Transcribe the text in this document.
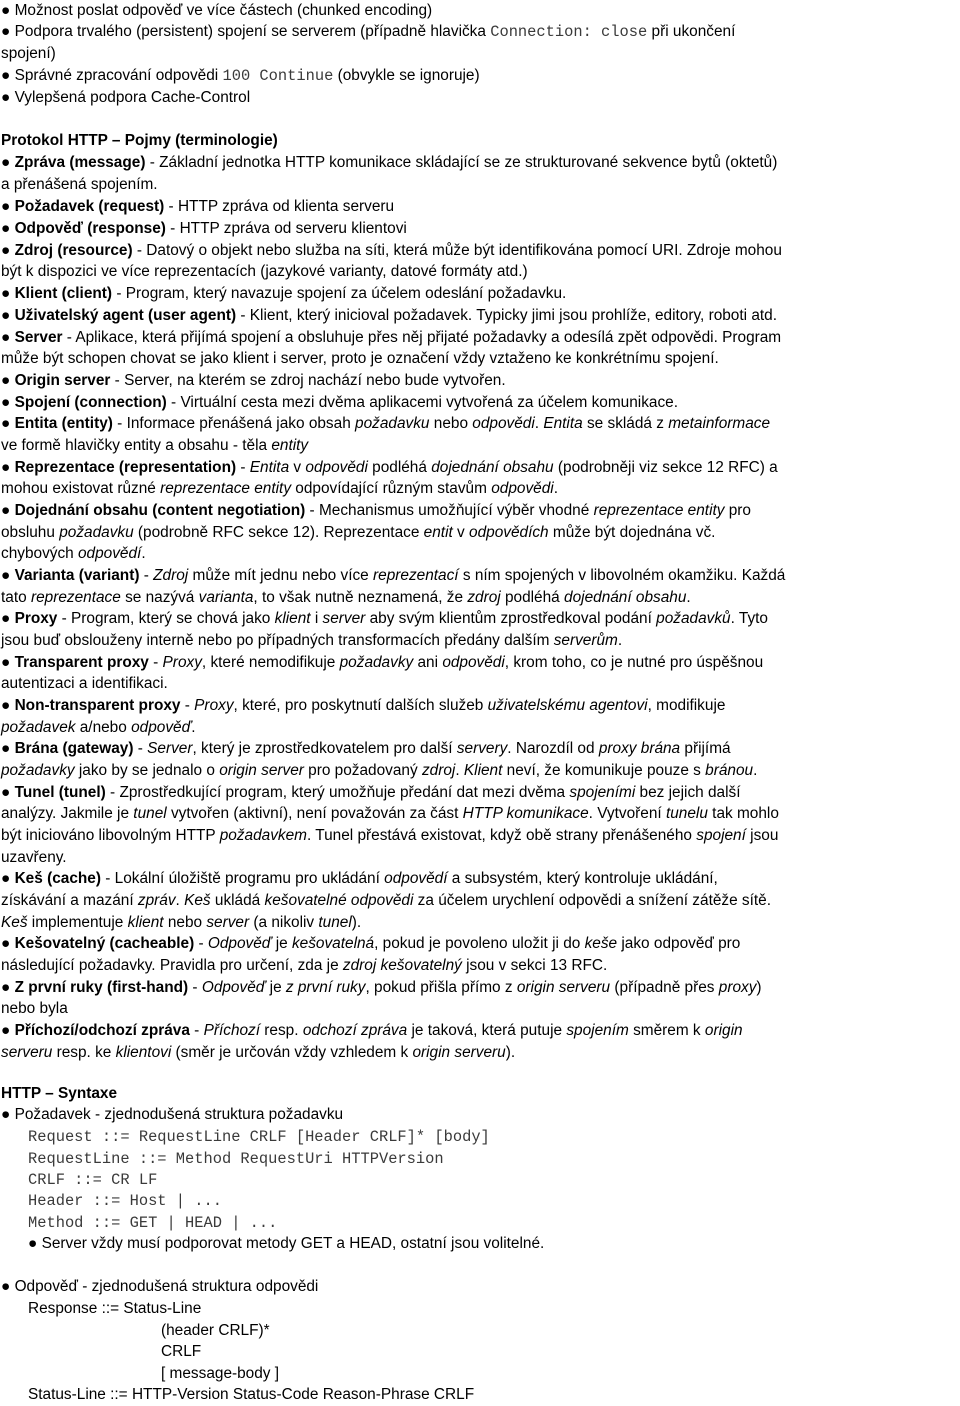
● Možnost poslat odpověď ve více částech (chunked encoding)
● Podpora trvalého (persistent) spojení se serverem (případně hlavička Connection: close při ukončení
spojení)
● Správné zpracování odpovědi 100 Continue (obvykle se ignoruje)
● Vylepšená podpora Cache-Control
Protokol HTTP – Pojmy (terminologie)
● Zpráva (message) - Základní jednotka HTTP komunikace skládající se ze strukturované sekvence bytů (oktetů)
a přenášená spojením.
● Požadavek (request) - HTTP zpráva od klienta serveru
● Odpověď (response) - HTTP zpráva od serveru klientovi
● Zdroj (resource) - Datový o objekt nebo služba na síti, která může být identifikována pomocí URI. Zdroje mohou
být k dispozici ve více reprezentacích (jazykové varianty, datové formáty atd.)
● Klient (client) - Program, který navazuje spojení za účelem odeslání požadavku.
● Uživatelský agent (user agent) - Klient, který inicioval požadavek. Typicky jimi jsou prohlíže, editory, roboti atd.
● Server - Aplikace, která přijímá spojení a obsluhuje přes něj přijaté požadavky a odesílá zpět odpovědi. Program
může být schopen chovat se jako klient i server, proto je označení vždy vztaženo ke konkrétnímu spojení.
● Origin server - Server, na kterém se zdroj nachází nebo bude vytvořen.
● Spojení (connection) - Virtuální cesta mezi dvěma aplikacemi vytvořená za účelem komunikace.
● Entita (entity) - Informace přenášená jako obsah požadavku nebo odpovědi. Entita se skládá z metainformace
ve formě hlavičky entity a obsahu - těla entity
● Reprezentace (representation) - Entita v odpovědi podléhá dojednání obsahu (podrobněji viz sekce 12 RFC) a
mohou existovat různé reprezentace entity odpovídající různým stavům odpovědi.
● Dojednání obsahu (content negotiation) - Mechanismus umožňující výběr vhodné reprezentace entity pro
obsluhu požadavku (podrobně RFC sekce 12). Reprezentace entit v odpovědích může být dojednána vč.
chybových odpovědí.
● Varianta (variant) - Zdroj může mít jednu nebo více reprezentací s ním spojených v libovolném okamžiku. Každá
tato reprezentace se nazývá varianta, to však nutně neznamená, že zdroj podléhá dojednání obsahu.
● Proxy - Program, který se chová jako klient i server aby svým klientům zprostředkoval podání požadavků. Tyto
jsou buď obslouženy interně nebo po případných transformacích předány dalším serverům.
● Transparent proxy - Proxy, které nemodifikuje požadavky ani odpovědi, krom toho, co je nutné pro úspěšnou
autentizaci a identifikaci.
● Non-transparent proxy - Proxy, které, pro poskytnutí dalších služeb uživatelskému agentovi, modifikuje
požadavek a/nebo odpověď.
● Brána (gateway) - Server, který je zprostředkovatelem pro další servery. Narozdíl od proxy brána přijímá
požadavky jako by se jednalo o origin server pro požadovaný zdroj. Klient neví, že komunikuje pouze s bránou.
● Tunel (tunel) - Zprostředkující program, který umožňuje předání dat mezi dvěma spojeními bez jejich další
analýzy. Jakmile je tunel vytvořen (aktivní), není považován za část HTTP komunikace. Vytvoření tunelu tak mohlo
být iniciováno libovolným HTTP požadavkem. Tunel přestává existovat, když obě strany přenášeného spojení jsou
uzavřeny.
● Keš (cache) - Lokální úložiště programu pro ukládání odpovědí a subsystém, který kontroluje ukládání,
získávání a mazání zpráv. Keš ukládá kešovatelné odpovědi za účelem urychlení odpovědi a snížení zátěže sítě.
Keš implementuje klient nebo server (a nikoliv tunel).
● Kešovatelný (cacheable) - Odpověď je kešovatelná, pokud je povoleno uložit ji do keše jako odpověď pro
následující požadavky. Pravidla pro určení, zda je zdroj kešovatelný jsou v sekci 13 RFC.
● Z první ruky (first-hand) - Odpověď je z první ruky, pokud přišla přímo z origin serveru (případně přes proxy)
nebo byla
● Příchozí/odchozí zpráva - Příchozí resp. odchozí zpráva je taková, která putuje spojením směrem k origin
serveru resp. ke klientovi (směr je určován vždy vzhledem k origin serveru).
HTTP – Syntaxe
● Požadavek - zjednodušená struktura požadavku
Request ::= RequestLine CRLF [Header CRLF]* [body]
RequestLine ::= Method RequestUri HTTPVersion
CRLF ::= CR LF
Header ::= Host | ...
Method ::= GET | HEAD | ...
● Server vždy musí podporovat metody GET a HEAD, ostatní jsou volitelné.
● Odpověď - zjednodušená struktura odpovědi
Response ::= Status-Line
(header CRLF)*
CRLF
[ message-body ]
Status-Line ::= HTTP-Version Status-Code Reason-Phrase CRLF
